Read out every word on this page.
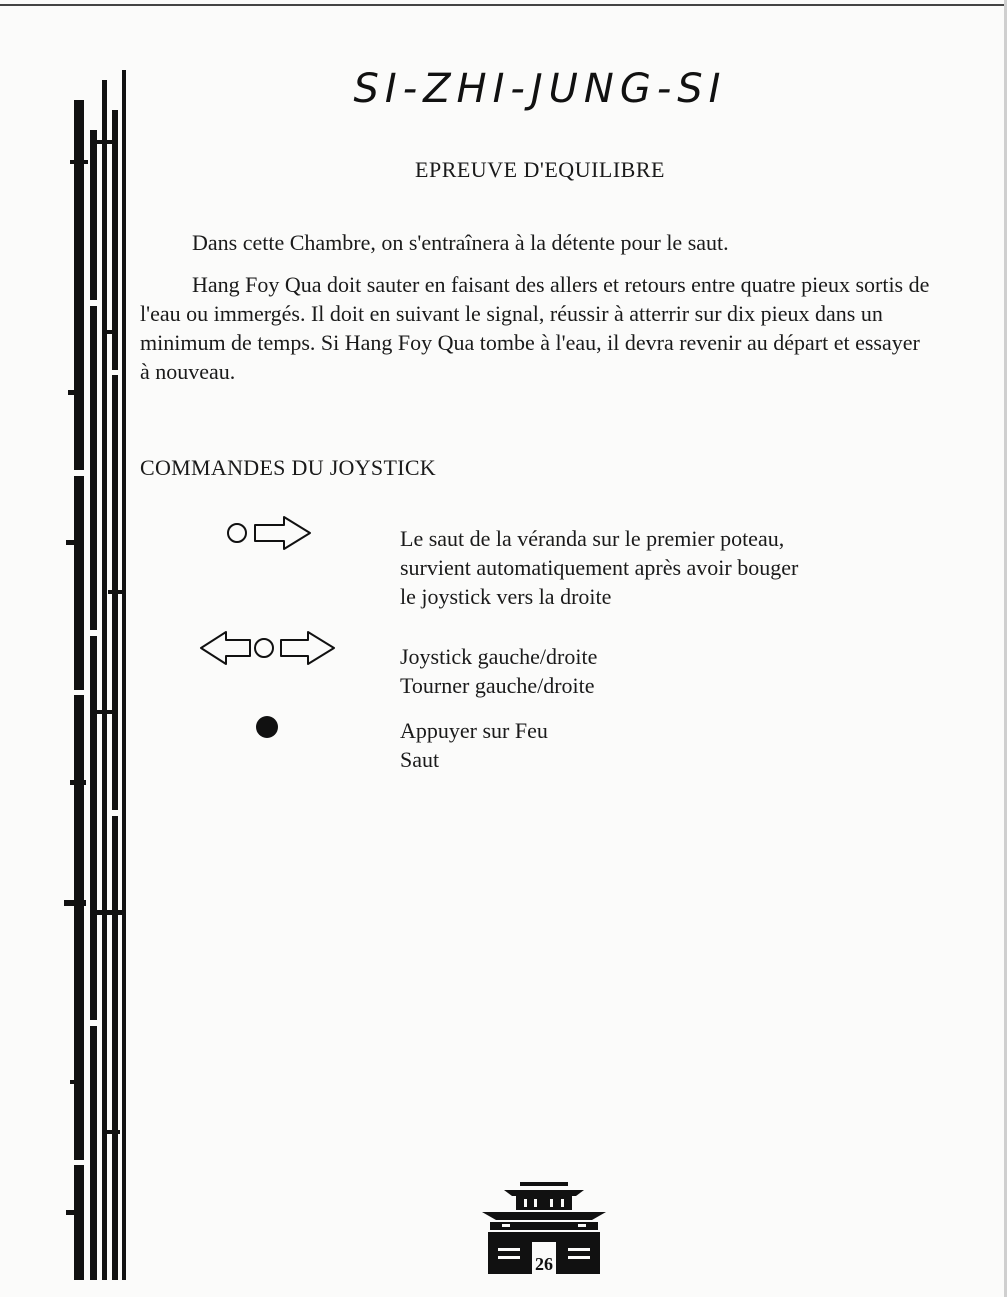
SI-ZHI-JUNG-SI
EPREUVE D'EQUILIBRE

Dans cette Chambre, on s'entraînera à la détente pour le saut.

Hang Foy Qua doit sauter en faisant des allers et retours entre quatre pieux sortis de l'eau ou immergés. Il doit en suivant le signal, réussir à atterrir sur dix pieux dans un minimum de temps. Si Hang Foy Qua tombe à l'eau, il devra revenir au départ et essayer à nouveau.

COMMANDES DU JOYSTICK
Le saut de la véranda sur le premier poteau,
survient automatiquement après avoir bouger
le joystick vers la droite
Joystick gauche/droite
Tourner gauche/droite
Appuyer sur Feu
Saut
26
